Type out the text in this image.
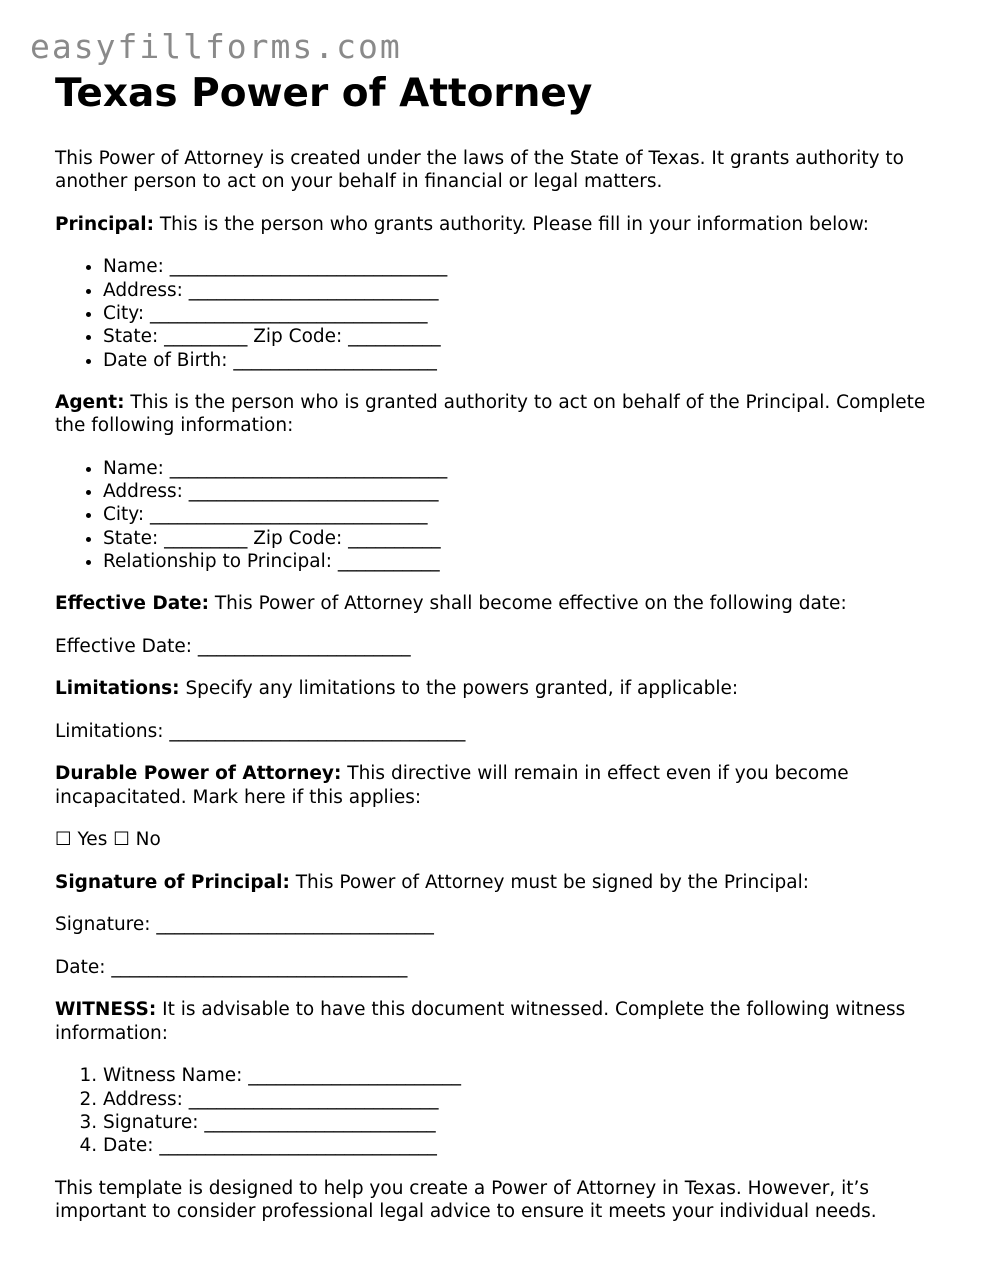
easyfillforms.com
Texas Power of Attorney

This Power of Attorney is created under the laws of the State of Texas. It grants authority to another person to act on your behalf in financial or legal matters.

Principal: This is the person who grants authority. Please fill in your information below:

• Name: ______________________________
• Address: ___________________________
• City: ______________________________
• State: _________ Zip Code: __________
• Date of Birth: ______________________

Agent: This is the person who is granted authority to act on behalf of the Principal. Complete the following information:

• Name: ______________________________
• Address: ___________________________
• City: ______________________________
• State: _________ Zip Code: __________
• Relationship to Principal: ___________

Effective Date: This Power of Attorney shall become effective on the following date:

Effective Date: _______________________

Limitations: Specify any limitations to the powers granted, if applicable:

Limitations: ________________________________

Durable Power of Attorney: This directive will remain in effect even if you become incapacitated. Mark here if this applies:

☐ Yes ☐ No

Signature of Principal: This Power of Attorney must be signed by the Principal:

Signature: ______________________________

Date: ________________________________

WITNESS: It is advisable to have this document witnessed. Complete the following witness information:

1. Witness Name: _______________________
2. Address: ___________________________
3. Signature: _________________________
4. Date: ______________________________

This template is designed to help you create a Power of Attorney in Texas. However, it’s important to consider professional legal advice to ensure it meets your individual needs.
